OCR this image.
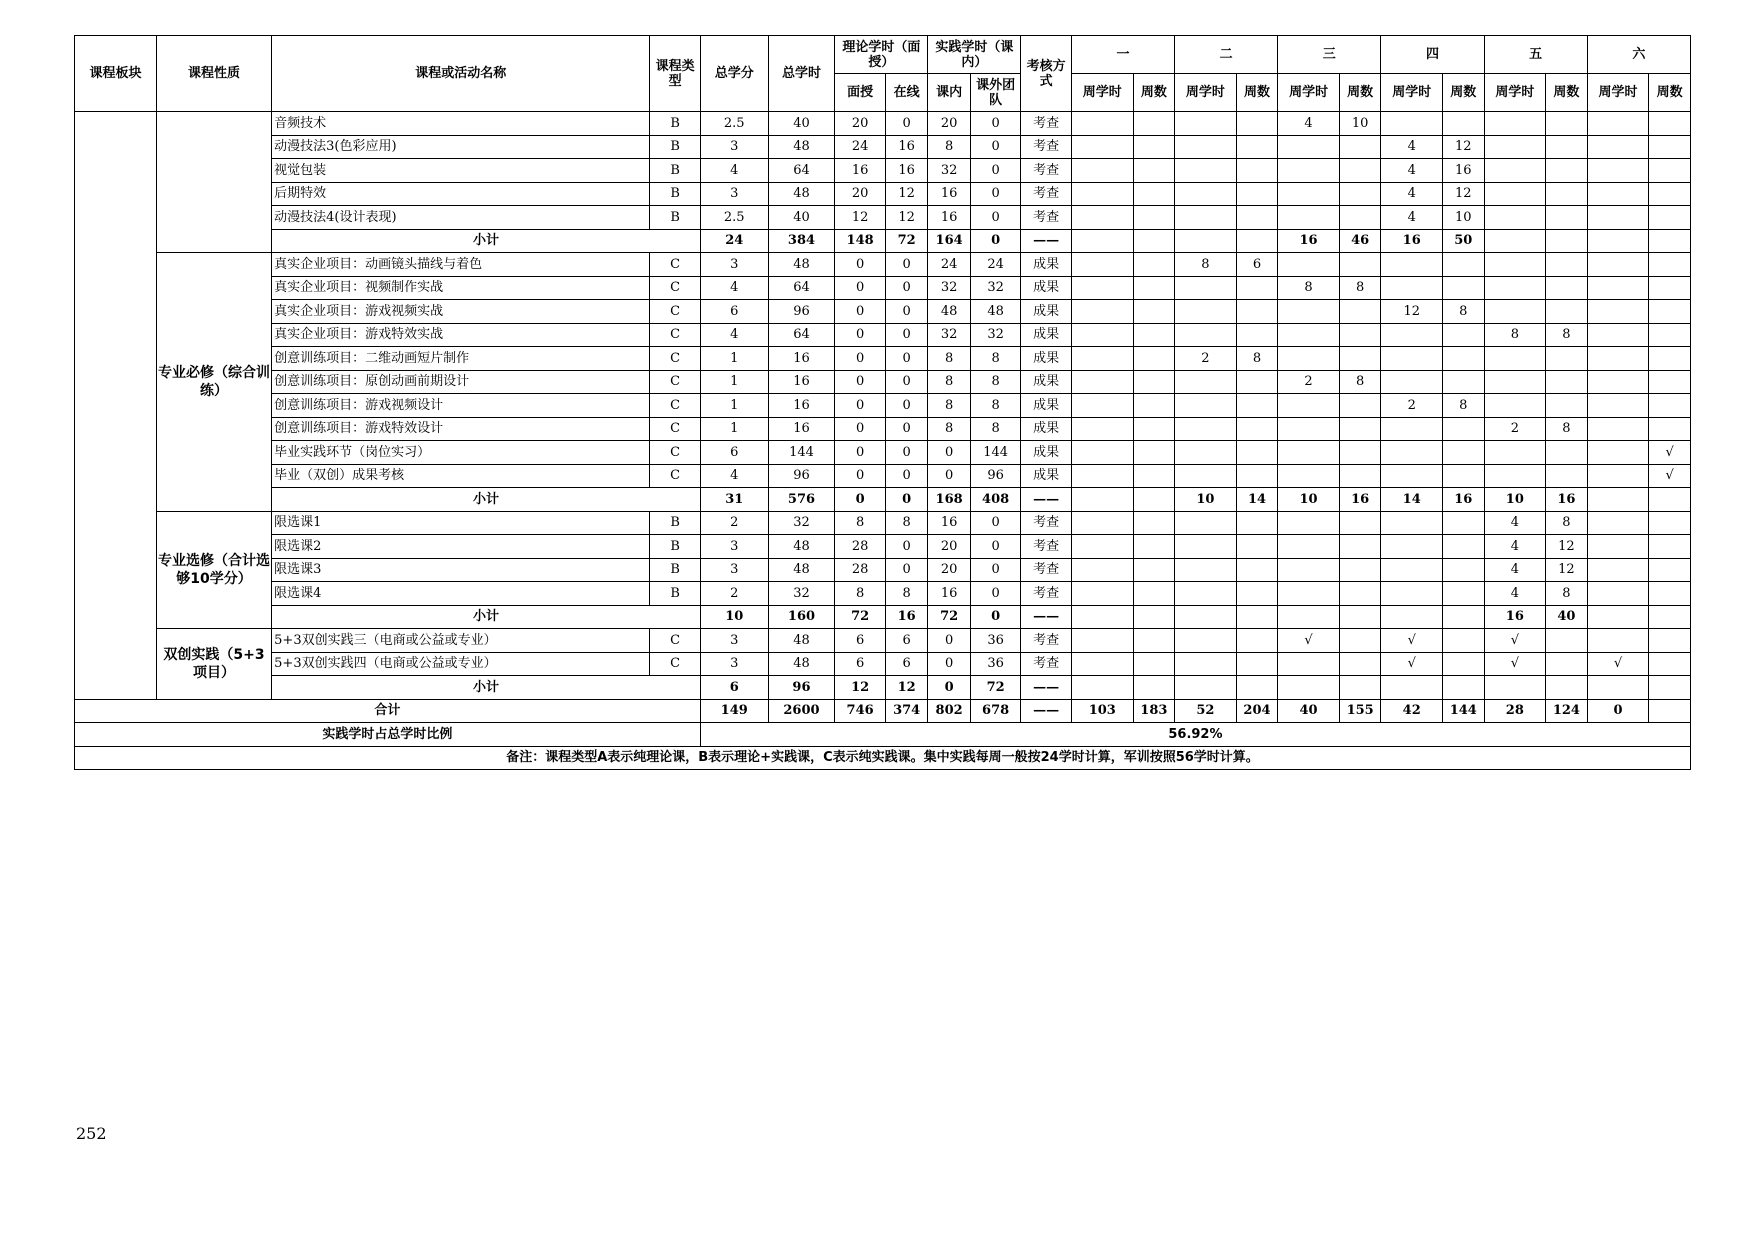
课程板块	课程性质	课程或活动名称	课程类型	总学分	总学时	理论学时（面授）		实践学时（课内）		考核方式	一		二		三		四		五		六	
						面授	在线	课内	课外团队		周学时	周数	周学时	周数	周学时	周数	周学时	周数	周学时	周数	周学时	周数
		音频技术	B	2.5	40	20	0	20	0	考查					4	10						
		动漫技法3(色彩应用)	B	3	48	24	16	8	0	考查							4	12				
		视觉包装	B	4	64	16	16	32	0	考查							4	16				
		后期特效	B	3	48	20	12	16	0	考查							4	12				
		动漫技法4(设计表现)	B	2.5	40	12	12	16	0	考查							4	10				
		小计		24	384	148	72	164	0	——					16	46	16	50				
	专业必修（综合训练）	真实企业项目：动画镜头描线与着色	C	3	48	0	0	24	24	成果			8	6								
		真实企业项目：视频制作实战	C	4	64	0	0	32	32	成果					8	8						
		真实企业项目：游戏视频实战	C	6	96	0	0	48	48	成果							12	8				
		真实企业项目：游戏特效实战	C	4	64	0	0	32	32	成果									8	8		
		创意训练项目：二维动画短片制作	C	1	16	0	0	8	8	成果			2	8								
		创意训练项目：原创动画前期设计	C	1	16	0	0	8	8	成果					2	8						
		创意训练项目：游戏视频设计	C	1	16	0	0	8	8	成果							2	8				
		创意训练项目：游戏特效设计	C	1	16	0	0	8	8	成果									2	8		
		毕业实践环节（岗位实习）	C	6	144	0	0	0	144	成果												√
		毕业（双创）成果考核	C	4	96	0	0	0	96	成果												√
		小计		31	576	0	0	168	408	——			10	14	10	16	14	16	10	16		
	专业选修（合计选够10学分）	限选课1	B	2	32	8	8	16	0	考查									4	8		
		限选课2	B	3	48	28	0	20	0	考查									4	12		
		限选课3	B	3	48	28	0	20	0	考查									4	12		
		限选课4	B	2	32	8	8	16	0	考查									4	8		
		小计		10	160	72	16	72	0	——									16	40		
	双创实践（5+3项目）	5+3双创实践三（电商或公益或专业）	C	3	48	6	6	0	36	考查					√		√		√			
		5+3双创实践四（电商或公益或专业）	C	3	48	6	6	0	36	考查							√		√		√	
		小计		6	96	12	12	0	72	——												
合计				149	2600	746	374	802	678	——	103	183	52	204	40	155	42	144	28	124	0	
实践学时占总学时比例				56.92%																		
备注：课程类型A表示纯理论课，B表示理论+实践课，C表示纯实践课。集中实践每周一般按24学时计算，军训按照56学时计算。																						
252
